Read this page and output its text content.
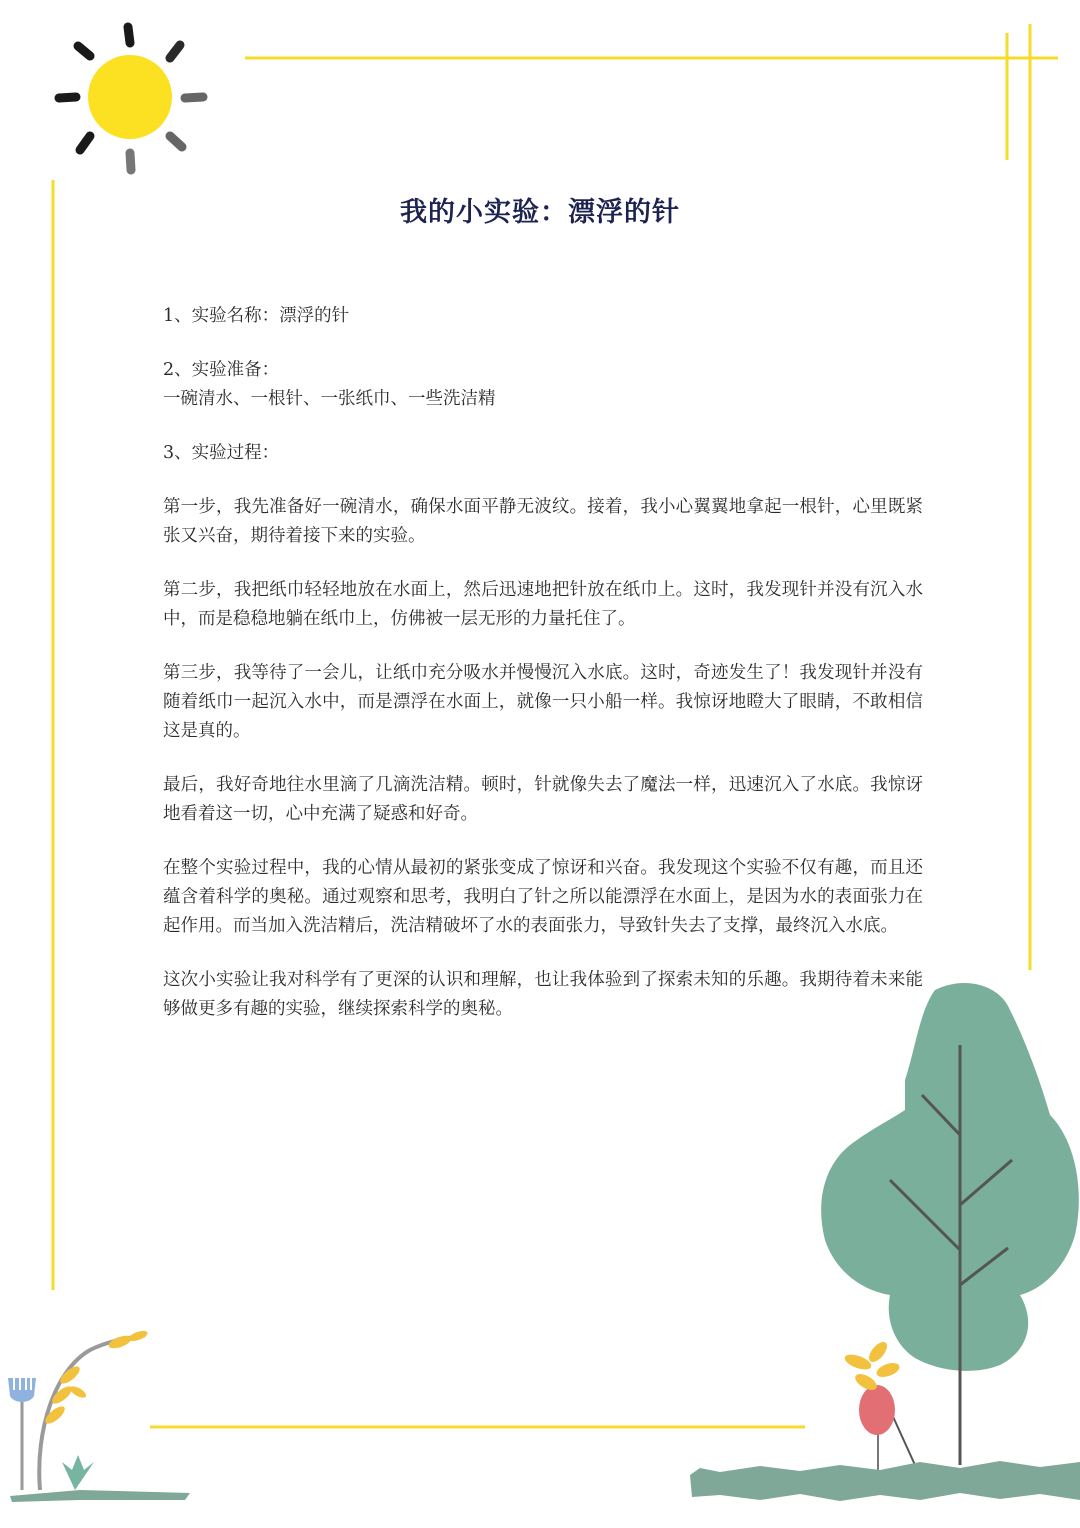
我的小实验：漂浮的针

1、实验名称：漂浮的针

2、实验准备：

一碗清水、一根针、一张纸巾、一些洗洁精

3、实验过程：

第一步，我先准备好一碗清水，确保水面平静无波纹。接着，我小心翼翼地拿起一根针，心里既紧张又兴奋，期待着接下来的实验。

第二步，我把纸巾轻轻地放在水面上，然后迅速地把针放在纸巾上。这时，我发现针并没有沉入水中，而是稳稳地躺在纸巾上，仿佛被一层无形的力量托住了。

第三步，我等待了一会儿，让纸巾充分吸水并慢慢沉入水底。这时，奇迹发生了！我发现针并没有随着纸巾一起沉入水中，而是漂浮在水面上，就像一只小船一样。我惊讶地瞪大了眼睛，不敢相信这是真的。

最后，我好奇地往水里滴了几滴洗洁精。顿时，针就像失去了魔法一样，迅速沉入了水底。我惊讶地看着这一切，心中充满了疑惑和好奇。

在整个实验过程中，我的心情从最初的紧张变成了惊讶和兴奋。我发现这个实验不仅有趣，而且还蕴含着科学的奥秘。通过观察和思考，我明白了针之所以能漂浮在水面上，是因为水的表面张力在起作用。而当加入洗洁精后，洗洁精破坏了水的表面张力，导致针失去了支撑，最终沉入水底。

这次小实验让我对科学有了更深的认识和理解，也让我体验到了探索未知的乐趣。我期待着未来能够做更多有趣的实验，继续探索科学的奥秘。
